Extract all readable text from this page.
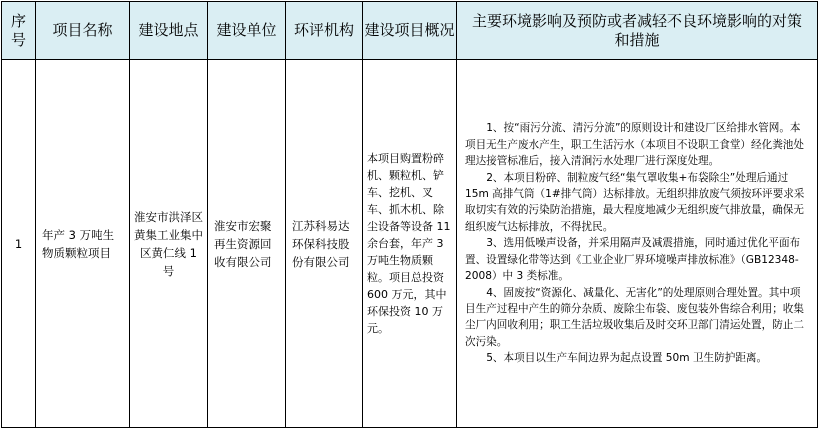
序号	项目名称	建设地点	建设单位	环评机构	建设项目概况	主要环境影响及预防或者减轻不良环境影响的对策和措施
1	年产 3 万吨生物质颗粒项目	淮安市洪泽区黄集工业集中区黄仁线 1 号	淮安市宏聚再生资源回收有限公司	江苏科易达环保科技股份有限公司	本项目购置粉碎机、颗粒机、铲车、挖机、叉车、抓木机、除尘设备等设备 11 余台套，年产 3 万吨生物质颗粒。项目总投资 600 万元，其中环保投资 10 万元。	1、按“雨污分流、清污分流”的原则设计和建设厂区给排水管网。本项目无生产废水产生，职工生活污水（本项目不设职工食堂）经化粪池处理达接管标准后，接入清涧污水处理厂进行深度处理。

2、本项目粉碎、制粒废气经“集气罩收集+布袋除尘”处理后通过 15m 高排气筒（1#排气筒）达标排放。无组织排放废气须按环评要求采取切实有效的污染防治措施，最大程度地减少无组织废气排放量，确保无组织废气达标排放，不得扰民。

3、选用低噪声设备，并采用隔声及减震措施，同时通过优化平面布置、设置绿化带等达到《工业企业厂界环境噪声排放标准》（GB12348-2008）中 3 类标准。

4、固废按“资源化、减量化、无害化”的处理原则合理处置。其中项目生产过程中产生的筛分杂质、废除尘布袋、废包装外售综合利用；收集尘厂内回收利用；职工生活垃圾收集后及时交环卫部门清运处置，防止二次污染。

5、本项目以生产车间边界为起点设置 50m 卫生防护距离。
